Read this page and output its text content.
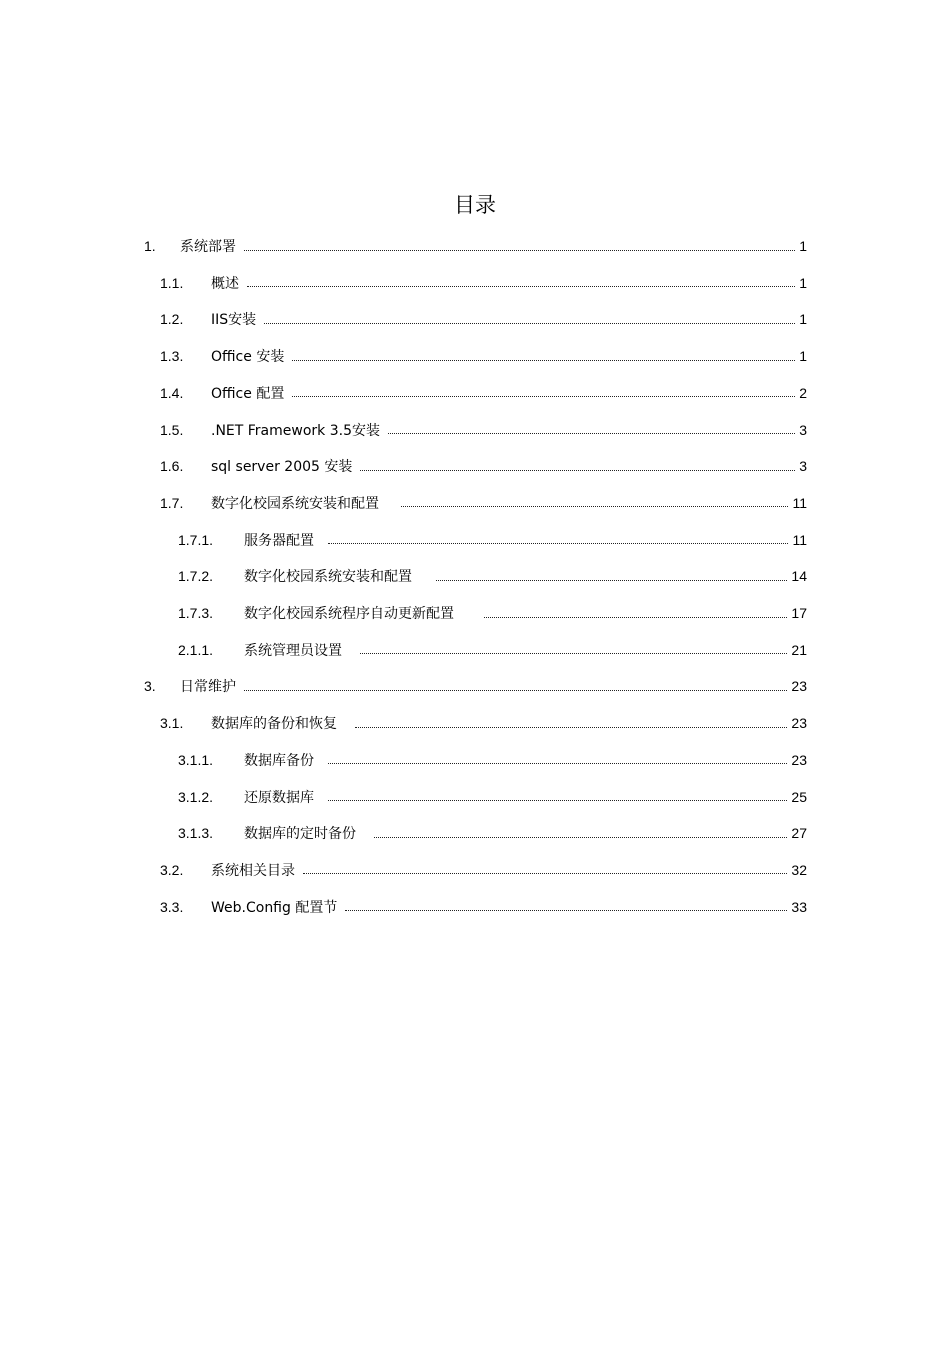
目录
1.	系统部署	1
1.1.	概述	1
1.2.	IIS安装	1
1.3.	Office 安装	1
1.4.	Office 配置	2
1.5.	.NET Framework 3.5安装	3
1.6.	sql server 2005 安装	3
1.7.	数字化校园系统安装和配置	11
1.7.1.	服务器配置	11
1.7.2.	数字化校园系统安装和配置	14
1.7.3.	数字化校园系统程序自动更新配置	17
2.1.1.	系统管理员设置	21
3.	日常维护	23
3.1.	数据库的备份和恢复	23
3.1.1.	数据库备份	23
3.1.2.	还原数据库	25
3.1.3.	数据库的定时备份	27
3.2.	系统相关目录	32
3.3.	Web.Config 配置节	33
